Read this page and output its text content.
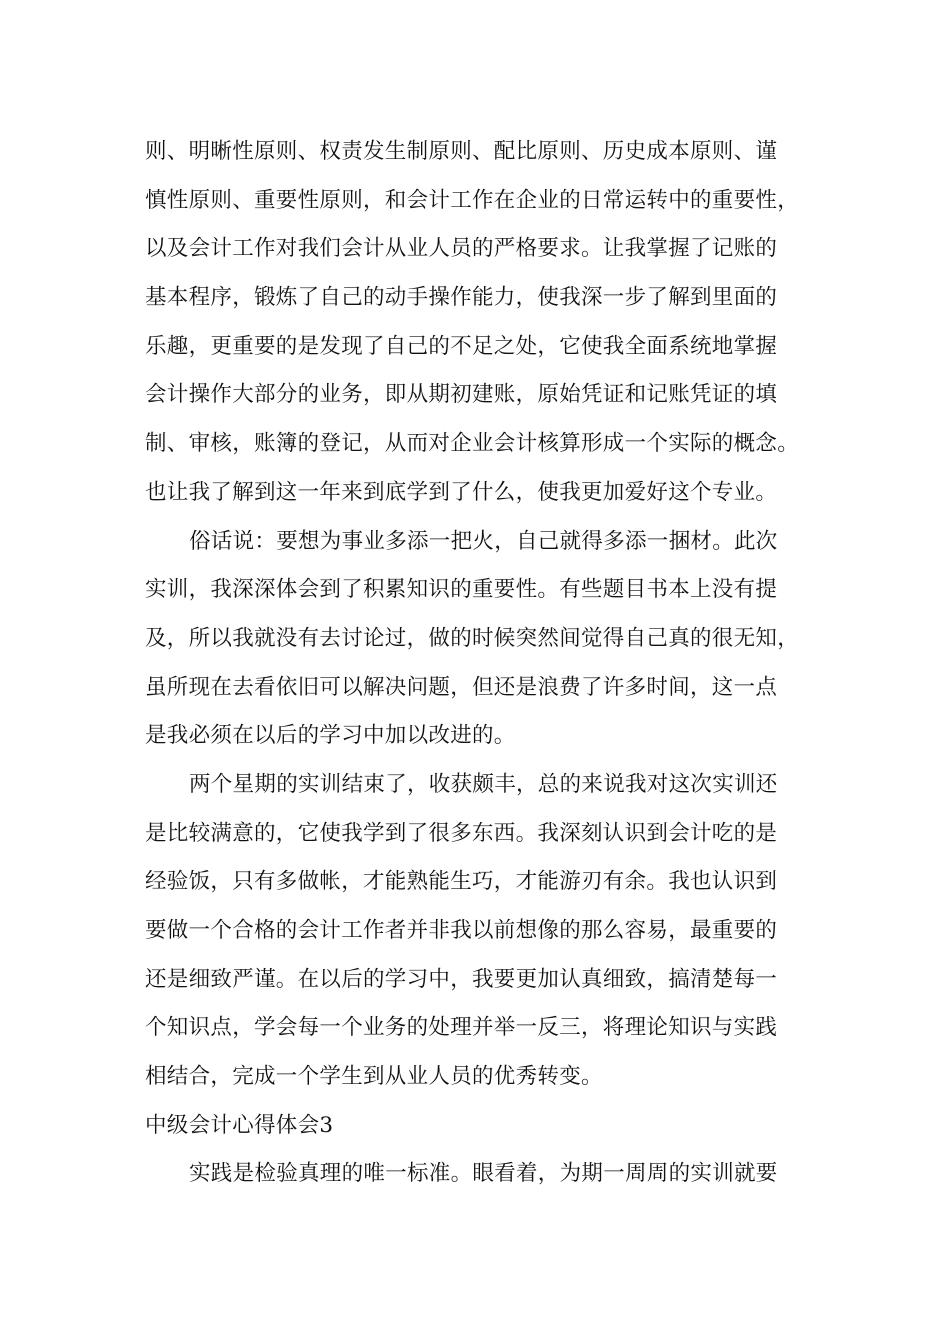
则、明晰性原则、权责发生制原则、配比原则、历史成本原则、谨
慎性原则、重要性原则，和会计工作在企业的日常运转中的重要性，
以及会计工作对我们会计从业人员的严格要求。让我掌握了记账的
基本程序，锻炼了自己的动手操作能力，使我深一步了解到里面的
乐趣，更重要的是发现了自己的不足之处，它使我全面系统地掌握
会计操作大部分的业务，即从期初建账，原始凭证和记账凭证的填
制、审核，账簿的登记，从而对企业会计核算形成一个实际的概念。
也让我了解到这一年来到底学到了什么，使我更加爱好这个专业。
俗话说：要想为事业多添一把火，自己就得多添一捆材。此次
实训，我深深体会到了积累知识的重要性。有些题目书本上没有提
及，所以我就没有去讨论过，做的时候突然间觉得自己真的很无知，
虽所现在去看依旧可以解决问题，但还是浪费了许多时间，这一点
是我必须在以后的学习中加以改进的。
两个星期的实训结束了，收获颇丰，总的来说我对这次实训还
是比较满意的，它使我学到了很多东西。我深刻认识到会计吃的是
经验饭，只有多做帐，才能熟能生巧，才能游刃有余。我也认识到
要做一个合格的会计工作者并非我以前想像的那么容易，最重要的
还是细致严谨。在以后的学习中，我要更加认真细致，搞清楚每一
个知识点，学会每一个业务的处理并举一反三，将理论知识与实践
相结合，完成一个学生到从业人员的优秀转变。
中级会计心得体会3
实践是检验真理的唯一标准。眼看着，为期一周周的实训就要
